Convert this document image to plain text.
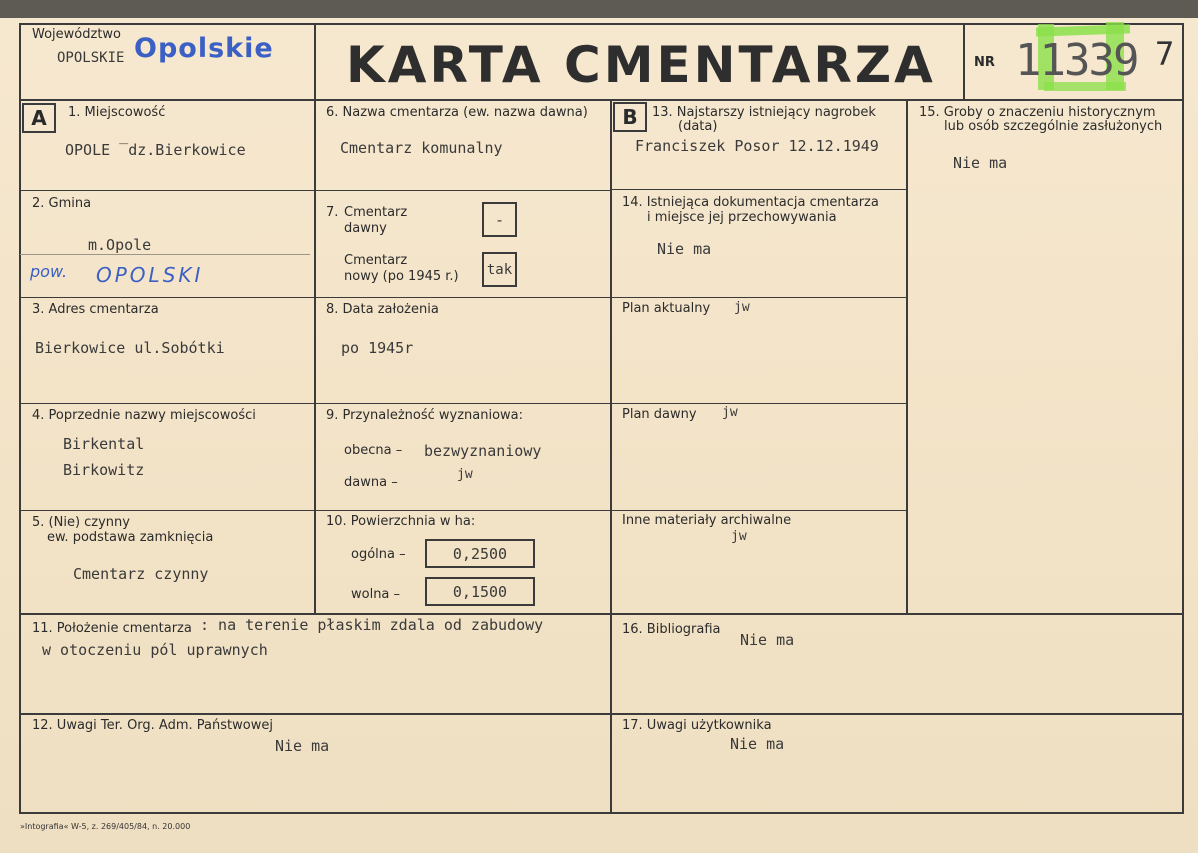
Województwo
OPOLSKIE Opolskie KARTA CMENTARZA	NR 11339 7
A	B
1. Miejscowość
OPOLE ‾dz.Bierkowice
2. Gmina
m.Opole
pow. OPOLSKI
3. Adres cmentarza
Bierkowice ul.Sobótki
4. Poprzednie nazwy miejscowości
Birkental
Birkowitz
5. (Nie) czynny
ew. podstawa zamknięcia
Cmentarz czynny
6. Nazwa cmentarza (ew. nazwa dawna)
Cmentarz komunalny
7. Cmentarz
dawny	-
Cmentarz
nowy (po 1945 r.)	tak
8. Data założenia
po 1945r
9. Przynależność wyznaniowa:
obecna – bezwyznaniowy
dawna –
jw
10. Powierzchnia w ha:
ogólna –	0,2500
wolna –	0,1500
11. Położenie cmentarza : na terenie płaskim zdala od zabudowy
w otoczeniu pól uprawnych
12. Uwagi Ter. Org. Adm. Państwowej
Nie ma
13. Najstarszy istniejący nagrobek
(data)
Franciszek Posor 12.12.1949
14. Istniejąca dokumentacja cmentarza
i miejsce jej przechowywania
Nie ma
Plan aktualny jw
Plan dawny jw
Inne materiały archiwalne
jw
15. Groby o znaczeniu historycznym
lub osób szczególnie zasłużonych
Nie ma
16. Bibliografia
Nie ma
17. Uwagi użytkownika
Nie ma
»Intografia« W-5, z. 269/405/84, n. 20.000
